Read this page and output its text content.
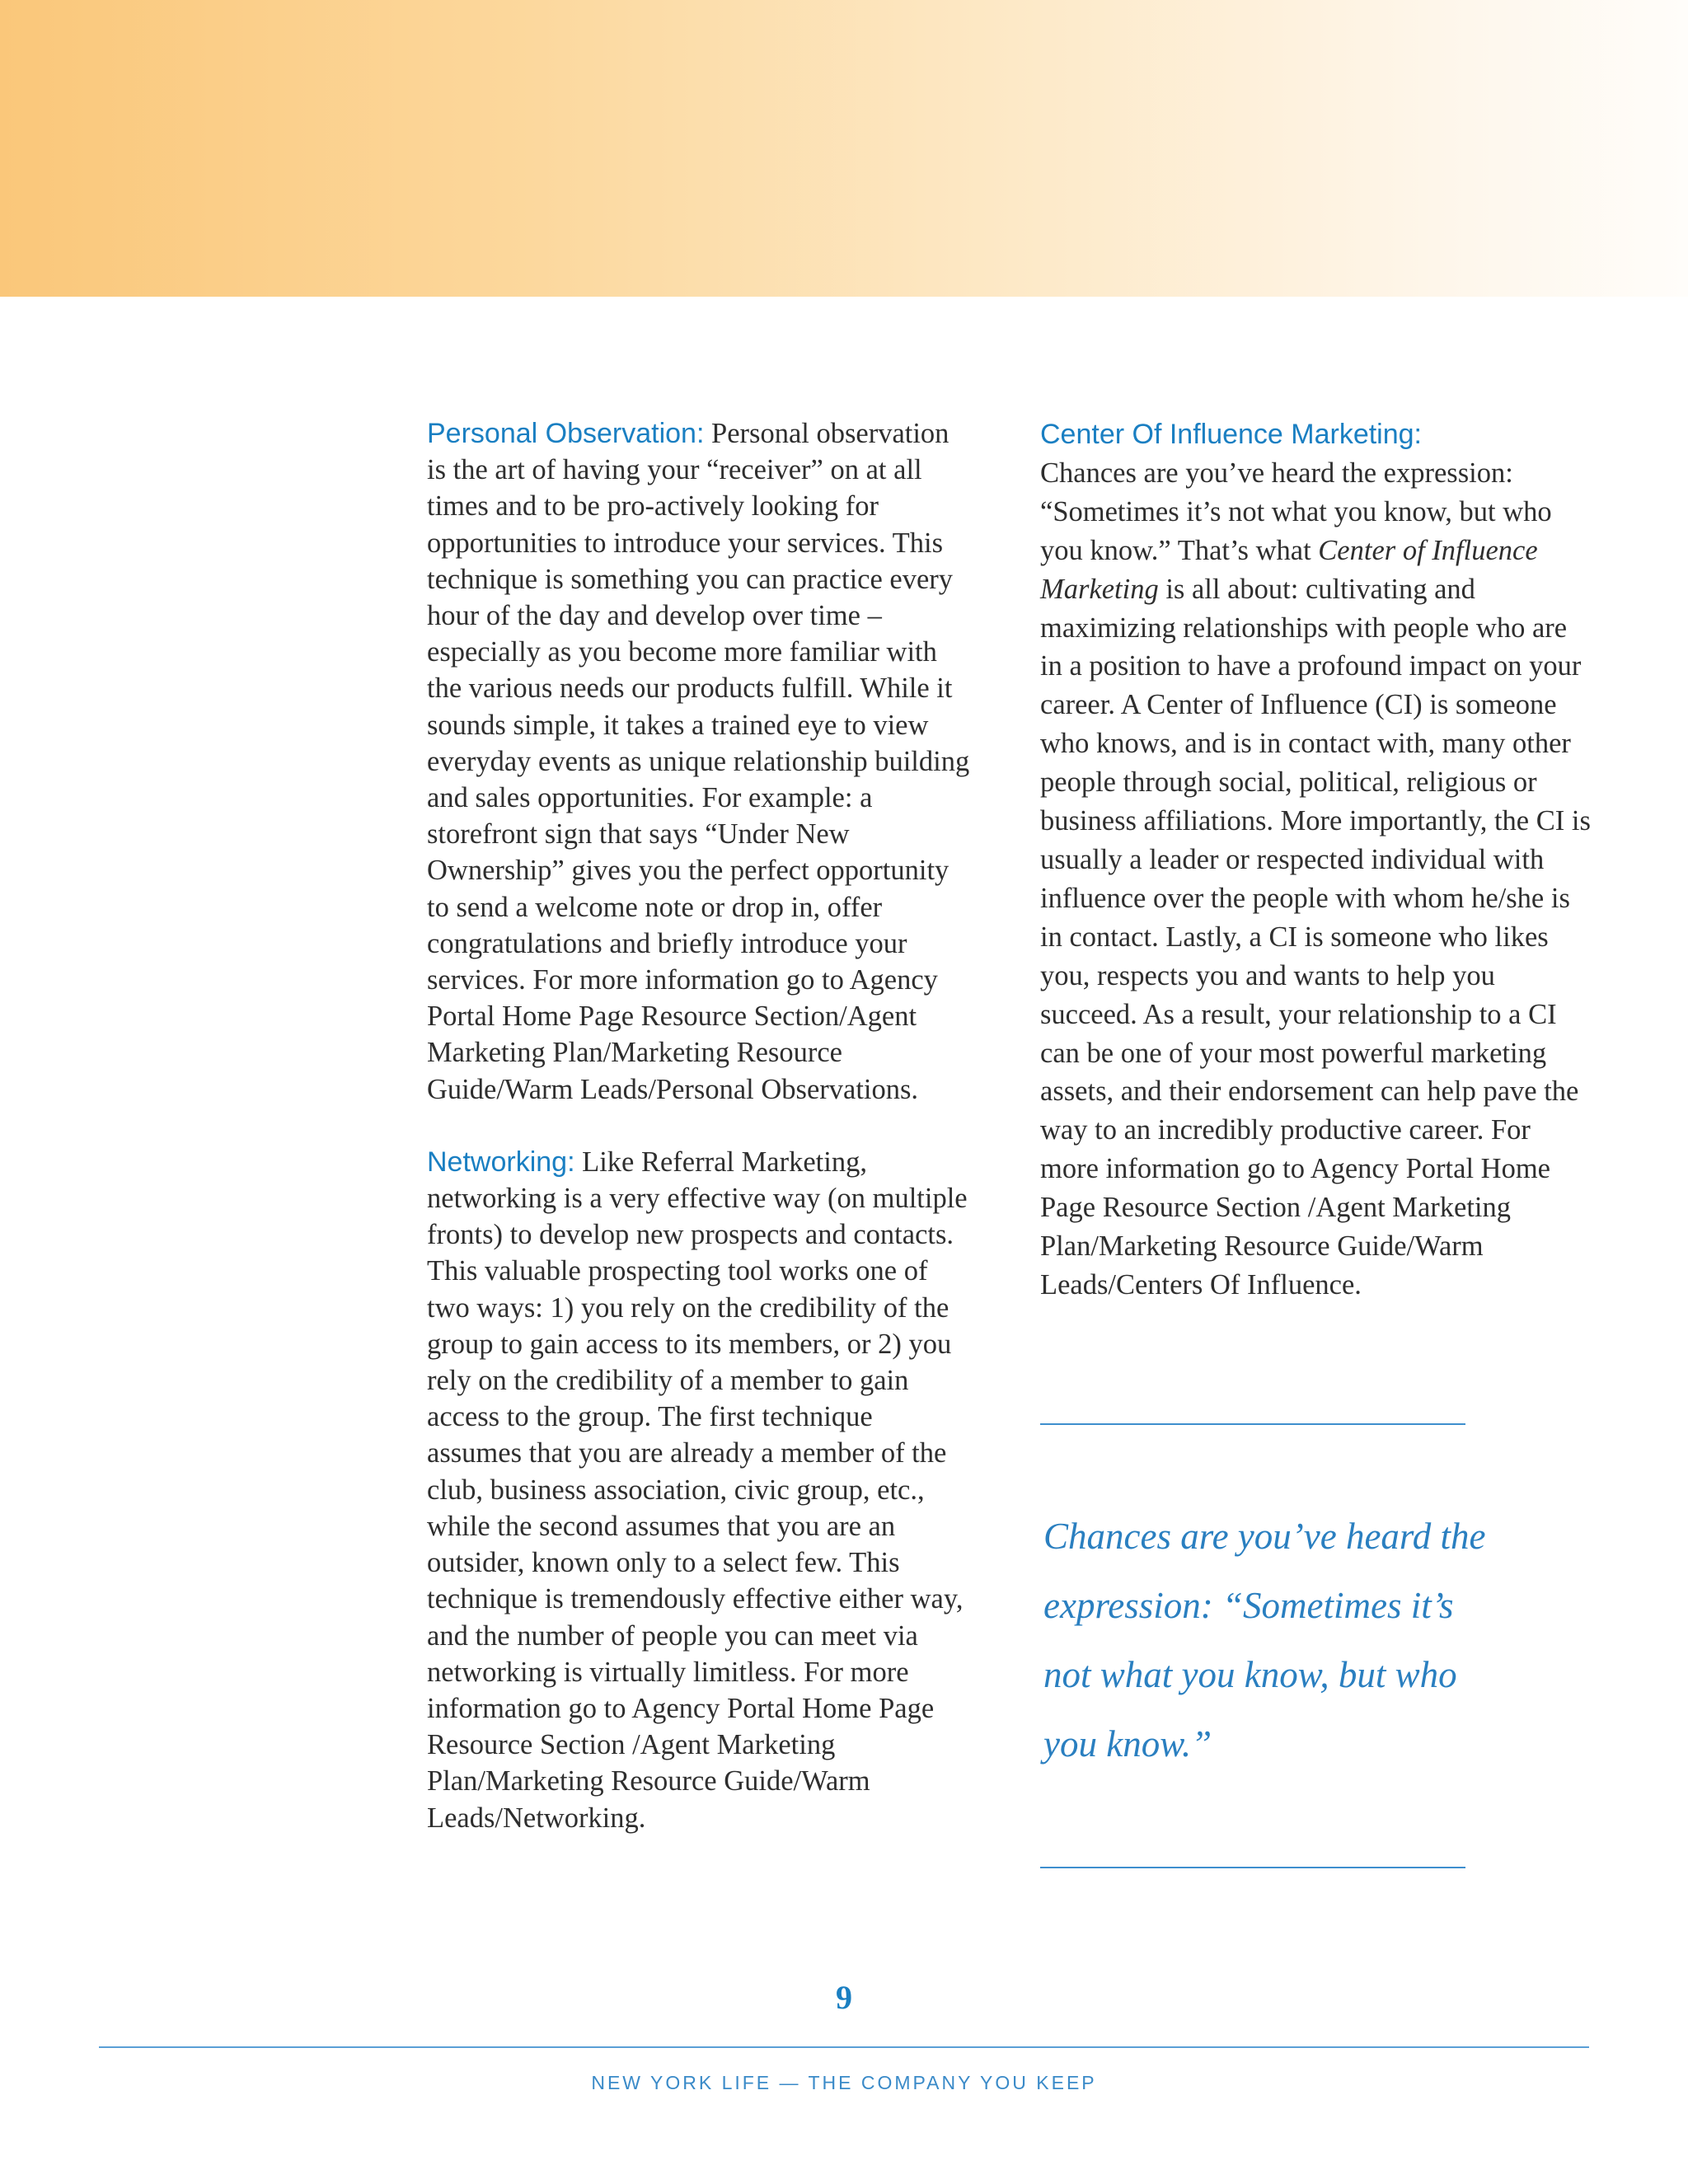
Personal Observation: Personal observation is the art of having your “receiver” on at all times and to be pro-actively looking for opportunities to introduce your services. This technique is something you can practice every hour of the day and develop over time – especially as you become more familiar with the various needs our products fulfill. While it sounds simple, it takes a trained eye to view everyday events as unique relationship building and sales opportunities. For example: a storefront sign that says “Under New Ownership” gives you the perfect opportunity to send a welcome note or drop in, offer congratulations and briefly introduce your services. For more information go to Agency Portal Home Page Resource Section/Agent Marketing Plan/Marketing Resource Guide/Warm Leads/Personal Observations.

Networking: Like Referral Marketing, networking is a very effective way (on multiple fronts) to develop new prospects and contacts. This valuable prospecting tool works one of two ways: 1) you rely on the credibility of the group to gain access to its members, or 2) you rely on the credibility of a member to gain access to the group. The first technique assumes that you are already a member of the club, business association, civic group, etc., while the second assumes that you are an outsider, known only to a select few. This technique is tremendously effective either way, and the number of people you can meet via networking is virtually limitless. For more information go to Agency Portal Home Page Resource Section /Agent Marketing Plan/Marketing Resource Guide/Warm Leads/Networking.

Center Of Influence Marketing:
Chances are you’ve heard the expression: “Sometimes it’s not what you know, but who you know.” That’s what Center of Influence Marketing is all about: cultivating and maximizing relationships with people who are in a position to have a profound impact on your career. A Center of Influence (CI) is someone who knows, and is in contact with, many other people through social, political, religious or business affiliations. More importantly, the CI is usually a leader or respected individual with influence over the people with whom he/she is in contact. Lastly, a CI is someone who likes you, respects you and wants to help you succeed. As a result, your relationship to a CI can be one of your most powerful marketing assets, and their endorsement can help pave the way to an incredibly productive career. For more information go to Agency Portal Home Page Resource Section /Agent Marketing Plan/Marketing Resource Guide/Warm Leads/Centers Of Influence.

Chances are you’ve heard the expression: “Sometimes it’s not what you know, but who you know.”
9
NEW YORK LIFE — THE COMPANY YOU KEEP
